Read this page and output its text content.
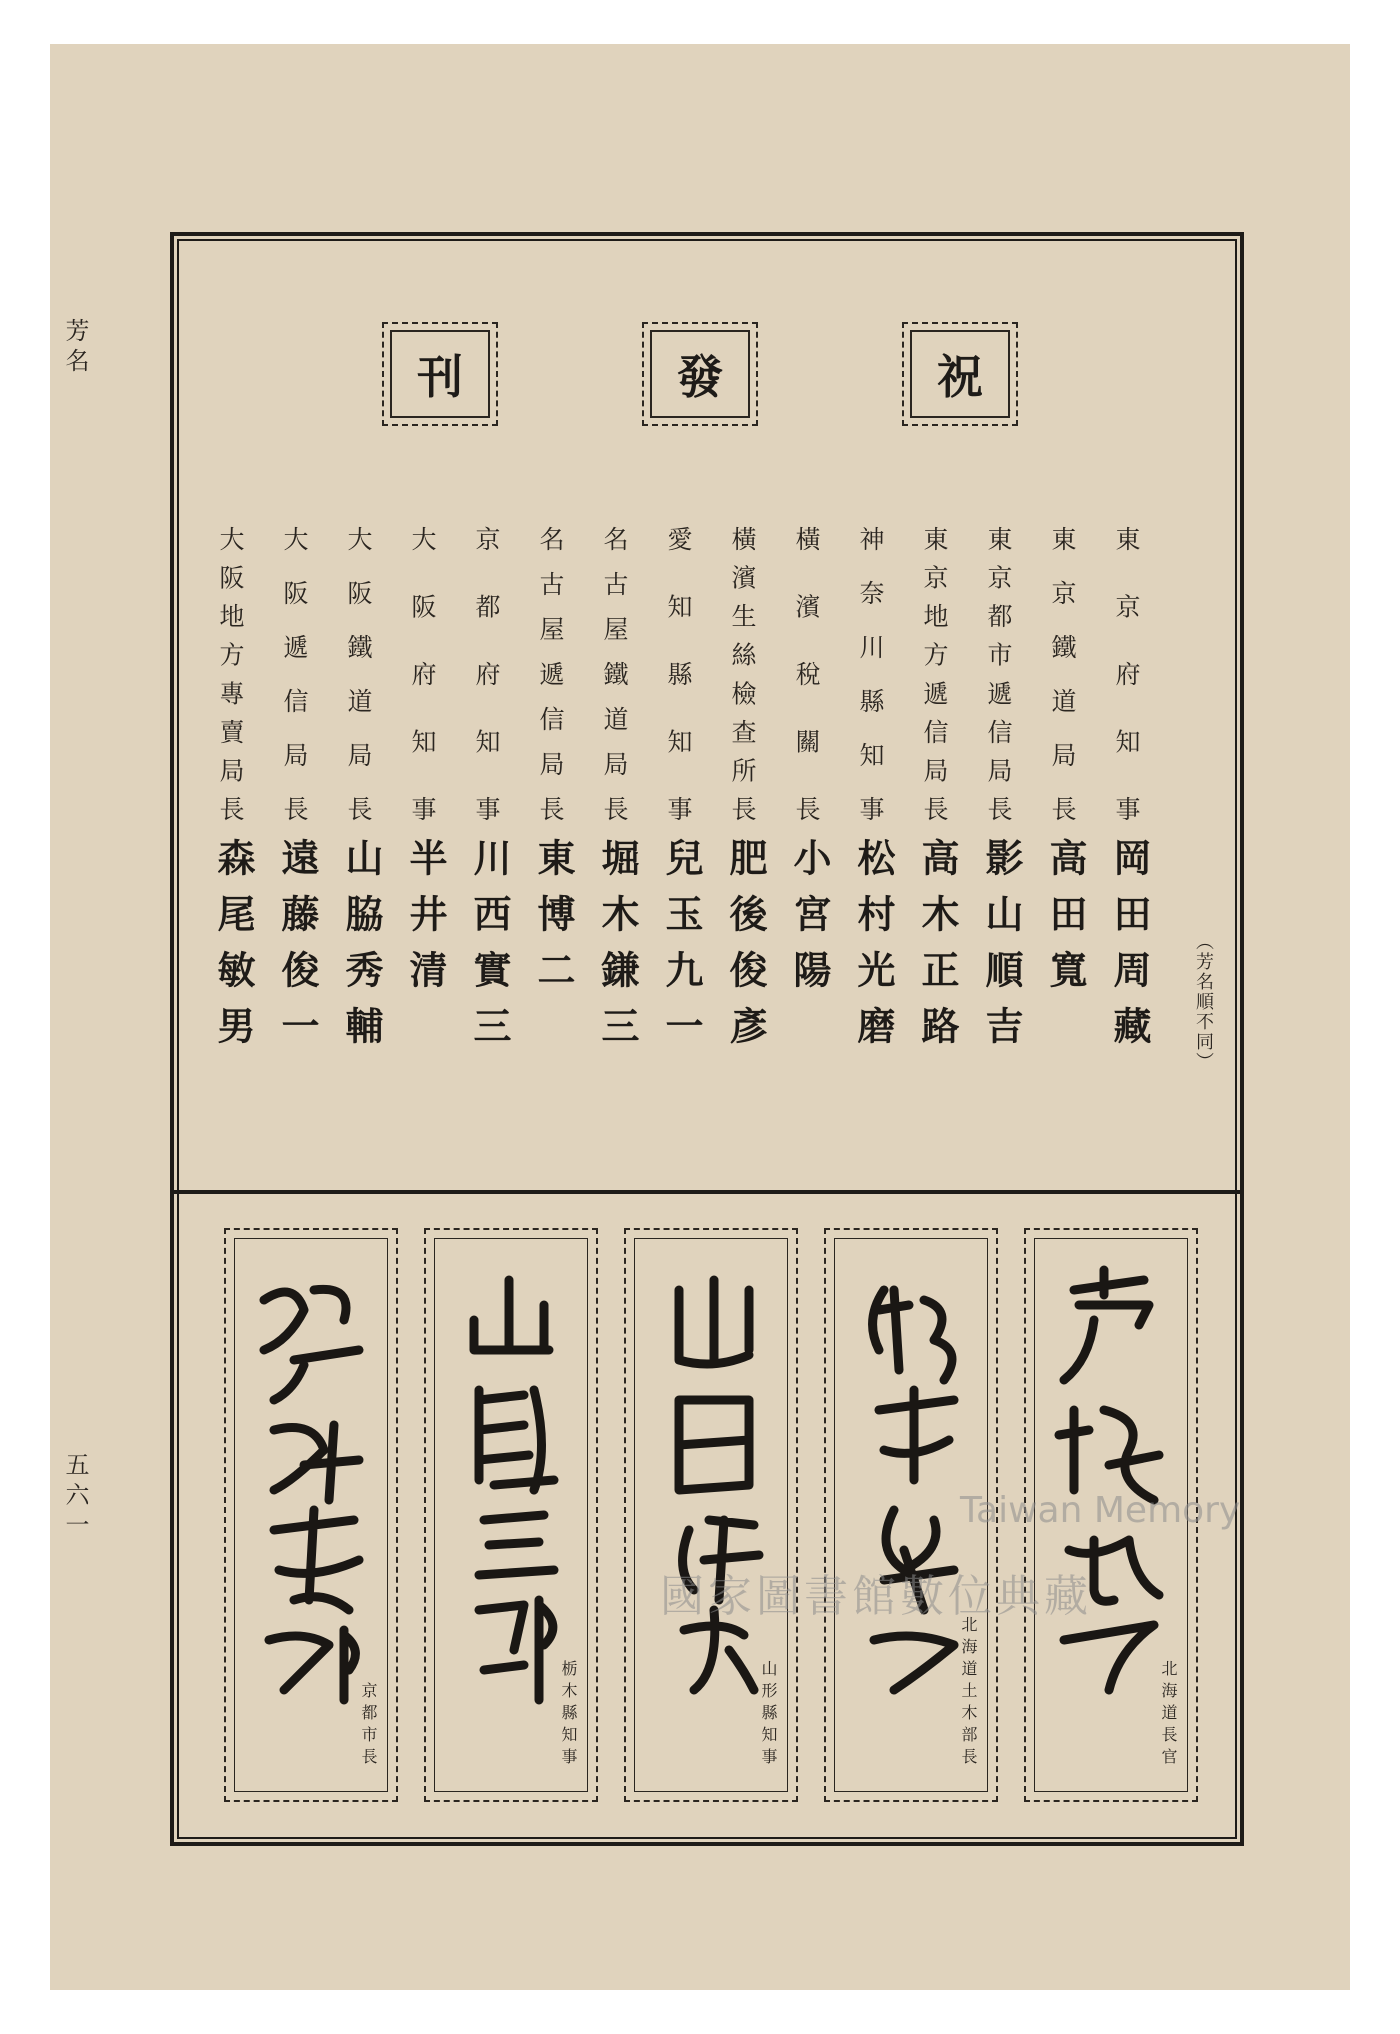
芳名
五六一
刊	發	祝
（芳名順不同）
東京府知事
岡田周藏
東京鐵道局長
高田寬
東京都市遞信局長
影山順吉
東京地方遞信局長
高木正路
神奈川縣知事
松村光磨
橫濱稅關長
小宮陽
橫濱生絲檢查所長
肥後俊彥
愛知縣知事
兒玉九一
名古屋鐵道局長
堀木鎌三
名古屋遞信局長
東博二
京都府知事
川西實三
大阪府知事
半井清
大阪鐵道局長
山脇秀輔
大阪遞信局長
遠藤俊一
大阪地方專賣局長
森尾敏男
北海道長官
北海道土木部長
山形縣知事
栃木縣知事
京都市長
Taiwan Memory
國家圖書館數位典藏
